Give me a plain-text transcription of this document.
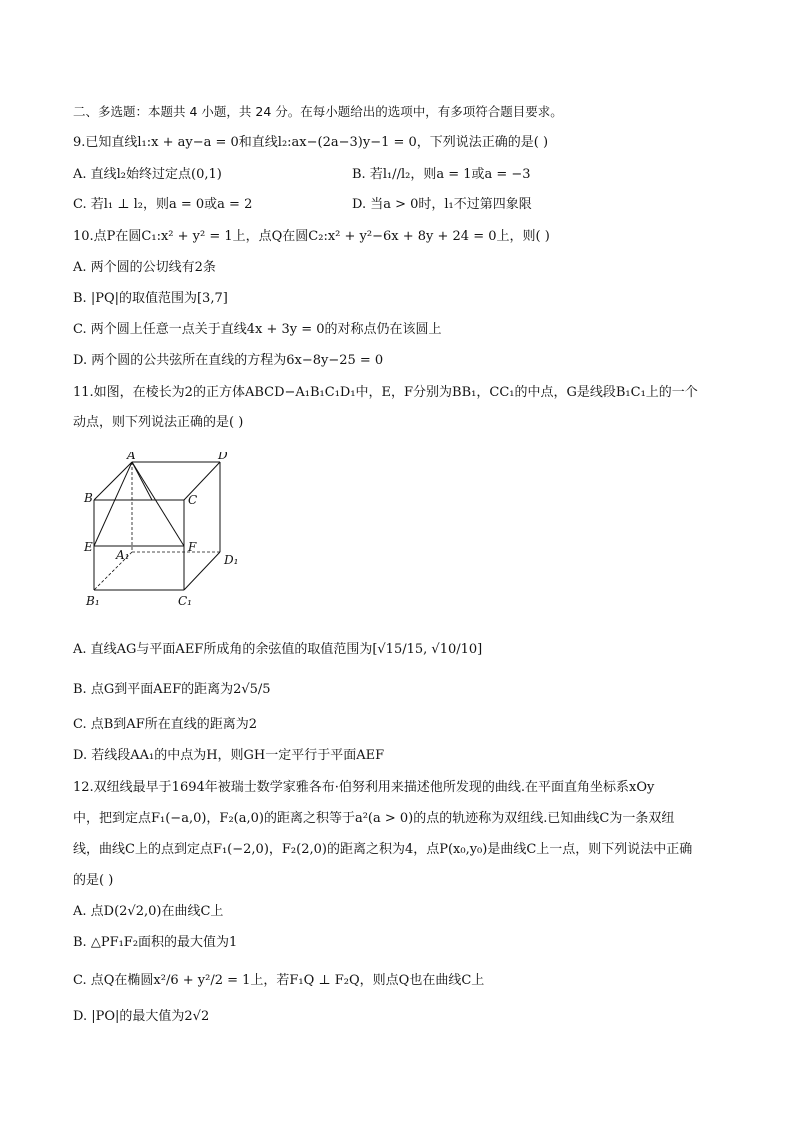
二、多选题：本题共 4 小题，共 24 分。在每小题给出的选项中，有多项符合题目要求。
9.已知直线l₁:x + ay−a = 0和直线l₂:ax−(2a−3)y−1 = 0，下列说法正确的是( )
A. 直线l₂始终过定点(0,1)	B. 若l₁//l₂，则a = 1或a = −3
C. 若l₁ ⊥ l₂，则a = 0或a = 2	D. 当a > 0时，l₁不过第四象限
10.点P在圆C₁:x² + y² = 1上，点Q在圆C₂:x² + y²−6x + 8y + 24 = 0上，则( )
A. 两个圆的公切线有2条
B. |PQ|的取值范围为[3,7]
C. 两个圆上任意一点关于直线4x + 3y = 0的对称点仍在该圆上
D. 两个圆的公共弦所在直线的方程为6x−8y−25 = 0
11.如图，在棱长为2的正方体ABCD−A₁B₁C₁D₁中，E，F分别为BB₁，CC₁的中点，G是线段B₁C₁上的一个
动点，则下列说法正确的是( )
A	D
B	C
E	F
A₁	D₁
B₁	C₁
A. 直线AG与平面AEF所成角的余弦值的取值范围为[√15/15, √10/10]
B. 点G到平面AEF的距离为2√5/5
C. 点B到AF所在直线的距离为2
D. 若线段AA₁的中点为H，则GH一定平行于平面AEF
12.双纽线最早于1694年被瑞士数学家雅各布·伯努利用来描述他所发现的曲线.在平面直角坐标系xOy
中，把到定点F₁(−a,0)，F₂(a,0)的距离之积等于a²(a > 0)的点的轨迹称为双纽线.已知曲线C为一条双纽
线，曲线C上的点到定点F₁(−2,0)，F₂(2,0)的距离之积为4，点P(x₀,y₀)是曲线C上一点，则下列说法中正确
的是( )
A. 点D(2√2,0)在曲线C上
B. △PF₁F₂面积的最大值为1
C. 点Q在椭圆x²/6 + y²/2 = 1上，若F₁Q ⊥ F₂Q，则点Q也在曲线C上
D. |PO|的最大值为2√2
